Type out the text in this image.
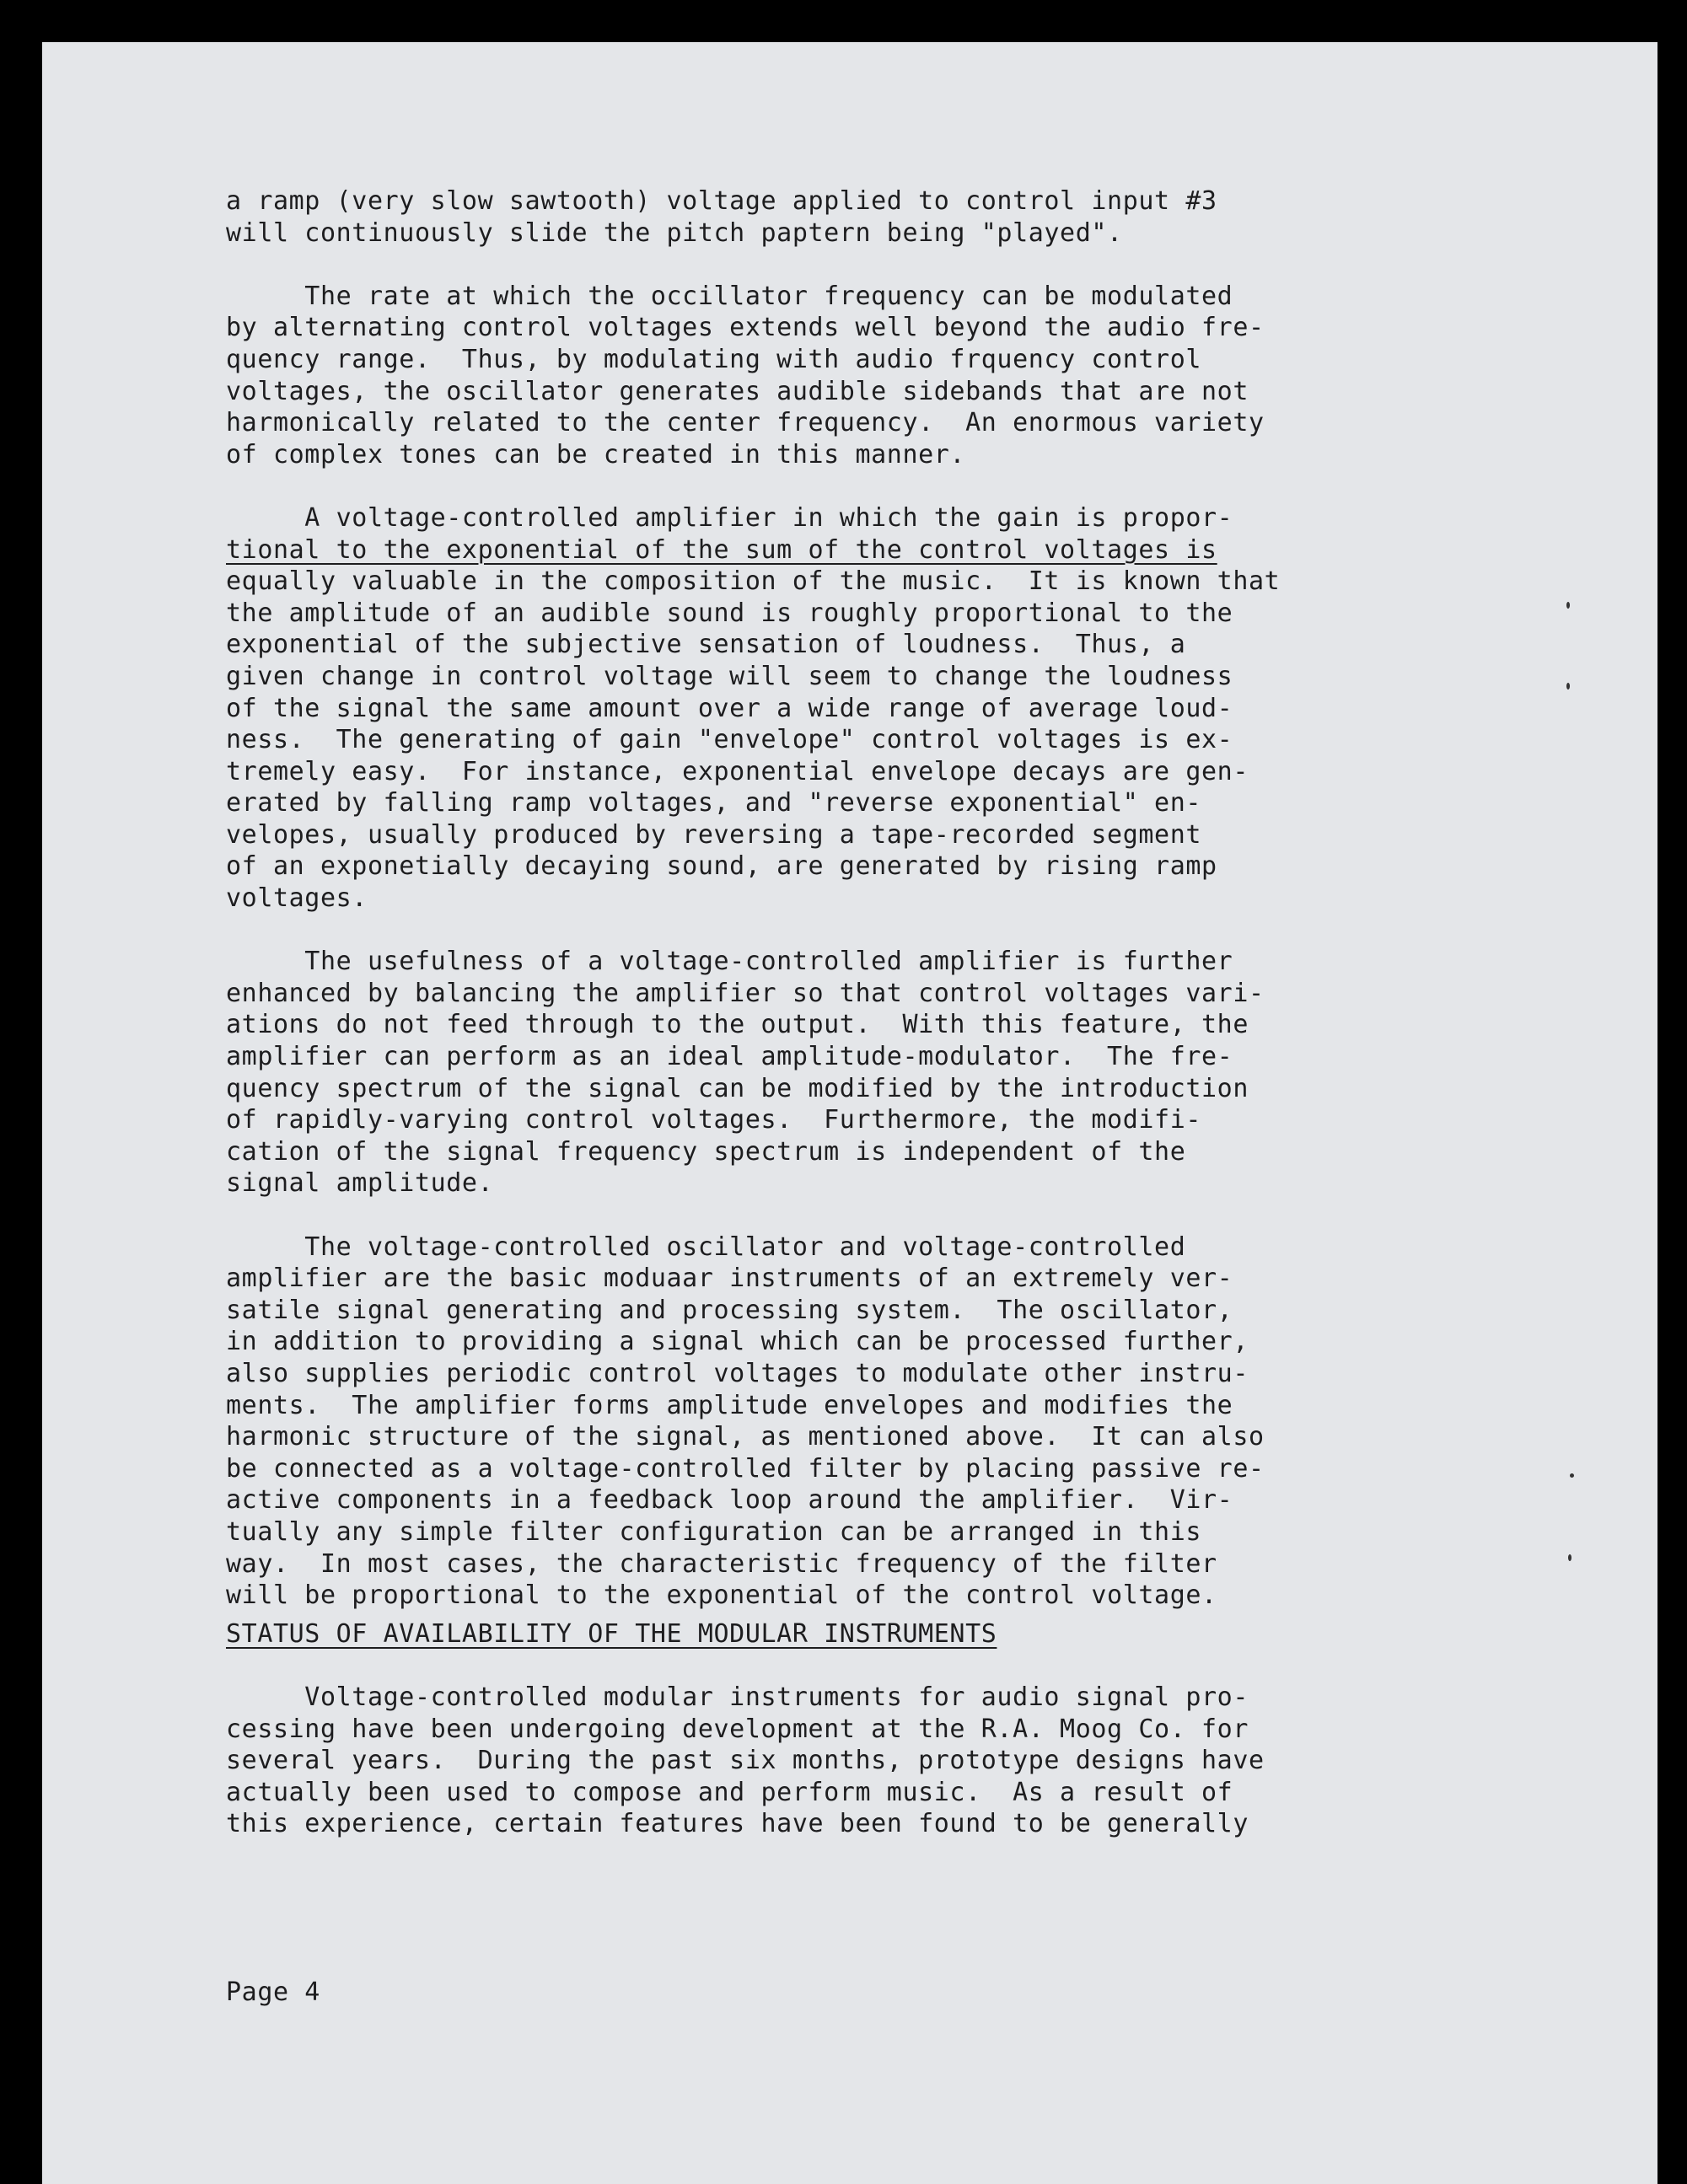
a ramp (very slow sawtooth) voltage applied to control input #3
will continuously slide the pitch paptern being "played".
The rate at which the occillator frequency can be modulated
by alternating control voltages extends well beyond the audio fre-
quency range.  Thus, by modulating with audio frquency control
voltages, the oscillator generates audible sidebands that are not
harmonically related to the center frequency.  An enormous variety
of complex tones can be created in this manner.
A voltage-controlled amplifier in which the gain is propor-
tional to the exponential of the sum of the control voltages is
equally valuable in the composition of the music.  It is known that
the amplitude of an audible sound is roughly proportional to the
exponential of the subjective sensation of loudness.  Thus, a
given change in control voltage will seem to change the loudness
of the signal the same amount over a wide range of average loud-
ness.  The generating of gain "envelope" control voltages is ex-
tremely easy.  For instance, exponential envelope decays are gen-
erated by falling ramp voltages, and "reverse exponential" en-
velopes, usually produced by reversing a tape-recorded segment
of an exponetially decaying sound, are generated by rising ramp
voltages.
The usefulness of a voltage-controlled amplifier is further
enhanced by balancing the amplifier so that control voltages vari-
ations do not feed through to the output.  With this feature, the
amplifier can perform as an ideal amplitude-modulator.  The fre-
quency spectrum of the signal can be modified by the introduction
of rapidly-varying control voltages.  Furthermore, the modifi-
cation of the signal frequency spectrum is independent of the
signal amplitude.
The voltage-controlled oscillator and voltage-controlled
amplifier are the basic moduaar instruments of an extremely ver-
satile signal generating and processing system.  The oscillator,
in addition to providing a signal which can be processed further,
also supplies periodic control voltages to modulate other instru-
ments.  The amplifier forms amplitude envelopes and modifies the
harmonic structure of the signal, as mentioned above.  It can also
be connected as a voltage-controlled filter by placing passive re-
active components in a feedback loop around the amplifier.  Vir-
tually any simple filter configuration can be arranged in this
way.  In most cases, the characteristic frequency of the filter
will be proportional to the exponential of the control voltage.
STATUS OF AVAILABILITY OF THE MODULAR INSTRUMENTS
Voltage-controlled modular instruments for audio signal pro-
cessing have been undergoing development at the R.A. Moog Co. for
several years.  During the past six months, prototype designs have
actually been used to compose and perform music.  As a result of
this experience, certain features have been found to be generally
Page 4
